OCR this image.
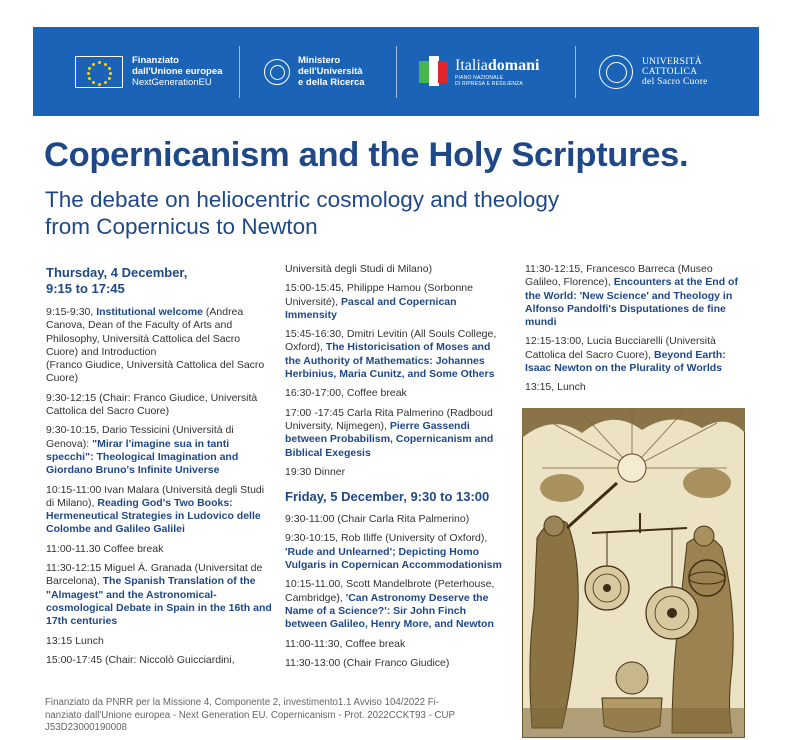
Finanziato
dall'Unione europea
NextGenerationEU
Ministero
dell'Università
e della Ricerca
Italiadomani
PIANO NAZIONALE
DI RIPRESA E RESILIENZA
UNIVERSITÀ
CATTOLICA
del Sacro Cuore
Copernicanism and the Holy Scriptures.
The debate on heliocentric cosmology and theology
from Copernicus to Newton
Thursday, 4 December,
9:15 to 17:45

9:15-9:30, Institutional welcome (Andrea Canova, Dean of the Faculty of Arts and Philosophy, Università Cattolica del Sacro Cuore) and Introduction
(Franco Giudice, Università Cattolica del Sacro Cuore)

9:30-12:15 (Chair: Franco Giudice, Università Cattolica del Sacro Cuore)

9:30-10:15, Dario Tessicini (Università di Genova): "Mirar l'imagine sua in tanti specchi": Theological Imagination and Giordano Bruno's Infinite Universe

10:15-11:00 Ivan Malara (Università degli Studi di Milano), Reading God's Two Books: Hermeneutical Strategies in Ludovico delle Colombe and Galileo Galilei

11:00-11.30 Coffee break

11:30-12:15 Miguel Á. Granada (Universitat de Barcelona), The Spanish Translation of the "Almagest" and the Astronomical-cosmological Debate in Spain in the 16th and 17th centuries

13:15 Lunch

15:00-17:45 (Chair: Niccolò Guicciardini,

Università degli Studi di Milano)

15:00-15:45, Philippe Hamou (Sorbonne Université), Pascal and Copernican Immensity

15:45-16:30, Dmitri Levitin (All Souls College, Oxford), The Historicisation of Moses and the Authority of Mathematics: Johannes Herbinius, Maria Cunitz, and Some Others

16:30-17:00, Coffee break

17:00 -17:45 Carla Rita Palmerino (Radboud University, Nijmegen), Pierre Gassendi between Probabilism, Copernicanism and Biblical Exegesis

19:30 Dinner

Friday, 5 December, 9:30 to 13:00

9:30-11:00 (Chair Carla Rita Palmerino)

9:30-10:15, Rob Iliffe (University of Oxford), 'Rude and Unlearned'; Depicting Homo Vulgaris in Copernican Accommodationism

10:15-11.00, Scott Mandelbrote (Peterhouse, Cambridge), 'Can Astronomy Deserve the Name of a Science?': Sir John Finch between Galileo, Henry More, and Newton

11:00-11:30, Coffee break

11:30-13:00 (Chair Franco Giudice)

11:30-12:15, Francesco Barreca (Museo Galileo, Florence), Encounters at the End of the World: 'New Science' and Theology in Alfonso Pandolfi's Disputationes de fine mundi

12:15-13:00, Lucia Bucciarelli (Università Cattolica del Sacro Cuore), Beyond Earth: Isaac Newton on the Plurality of Worlds

13:15, Lunch

Finanziato da PNRR per la Missione 4, Componente 2, investimento1.1 Avviso 104/2022 Fi-
nanziato dall'Unione europea - Next Generation EU. Copernicanism - Prot. 2022CCKT93 - CUP
J53D23000190008
